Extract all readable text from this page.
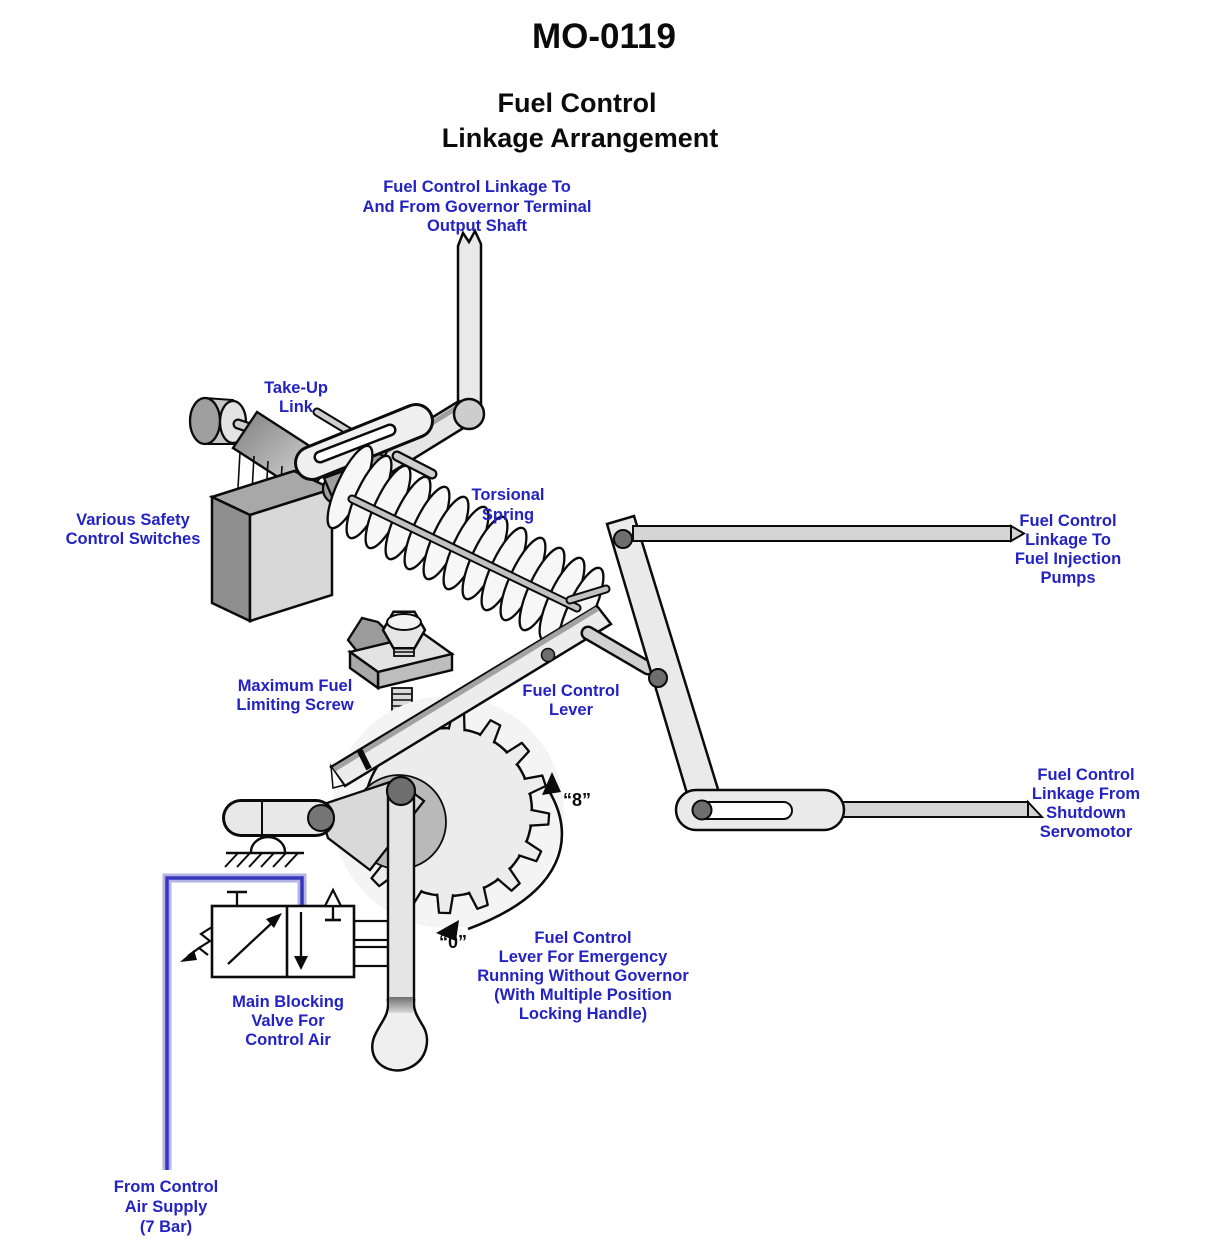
MO-0119
Fuel Control
Linkage Arrangement
Fuel Control Linkage To
And From Governor Terminal
Output Shaft
Take-Up
Link
Various Safety
Control Switches
Torsional
Spring	Fuel Control
Linkage To
Fuel Injection
Pumps
Maximum Fuel
Limiting Screw
Fuel Control
Lever
Fuel Control
Linkage From
Shutdown
Servomotor
Fuel Control
Lever For Emergency
Running Without Governor
(With Multiple Position
Locking Handle)
Main Blocking
Valve For
Control Air
From Control
Air Supply
(7 Bar)
“8”
“0”
